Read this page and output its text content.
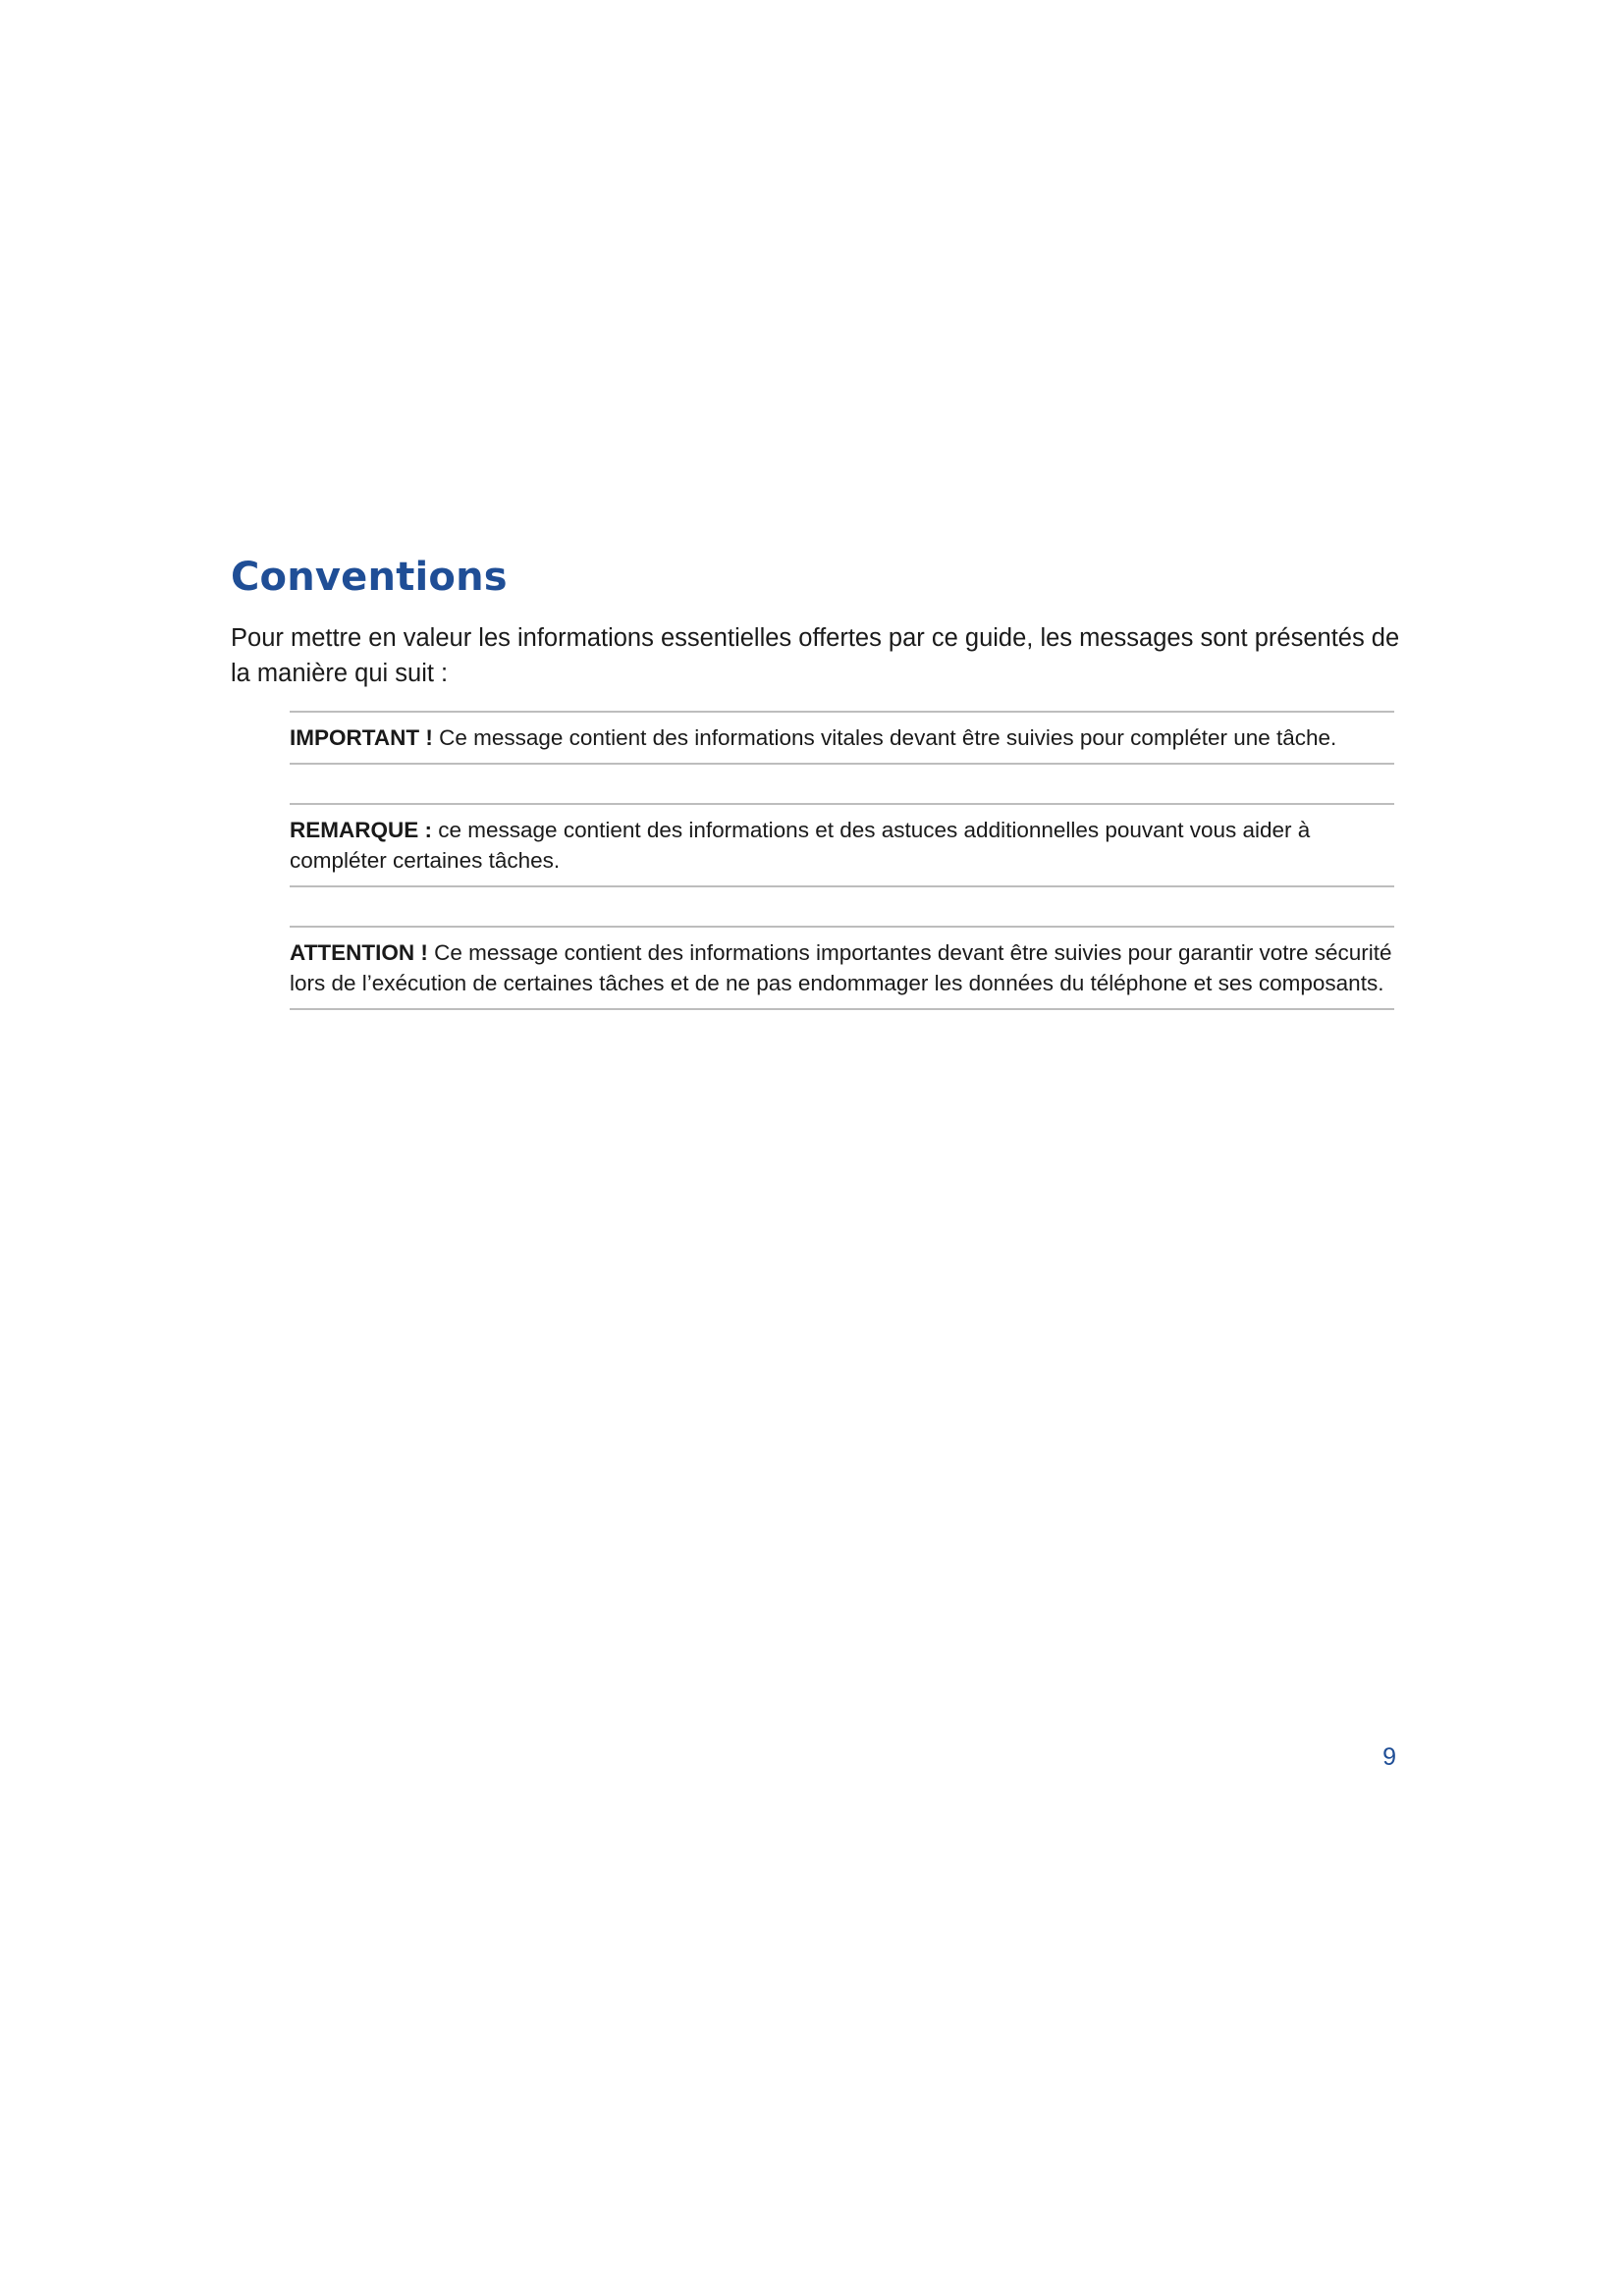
Conventions

Pour mettre en valeur les informations essentielles offertes par ce guide, les messages sont présentés de la manière qui suit :

IMPORTANT ! Ce message contient des informations vitales devant être suivies pour compléter une tâche.
REMARQUE : ce message contient des informations et des astuces additionnelles pouvant vous aider à compléter certaines tâches.
ATTENTION ! Ce message contient des informations importantes devant être suivies pour garantir votre sécurité lors de l’exécution de certaines tâches et de ne pas endommager les données du téléphone et ses composants.
9
